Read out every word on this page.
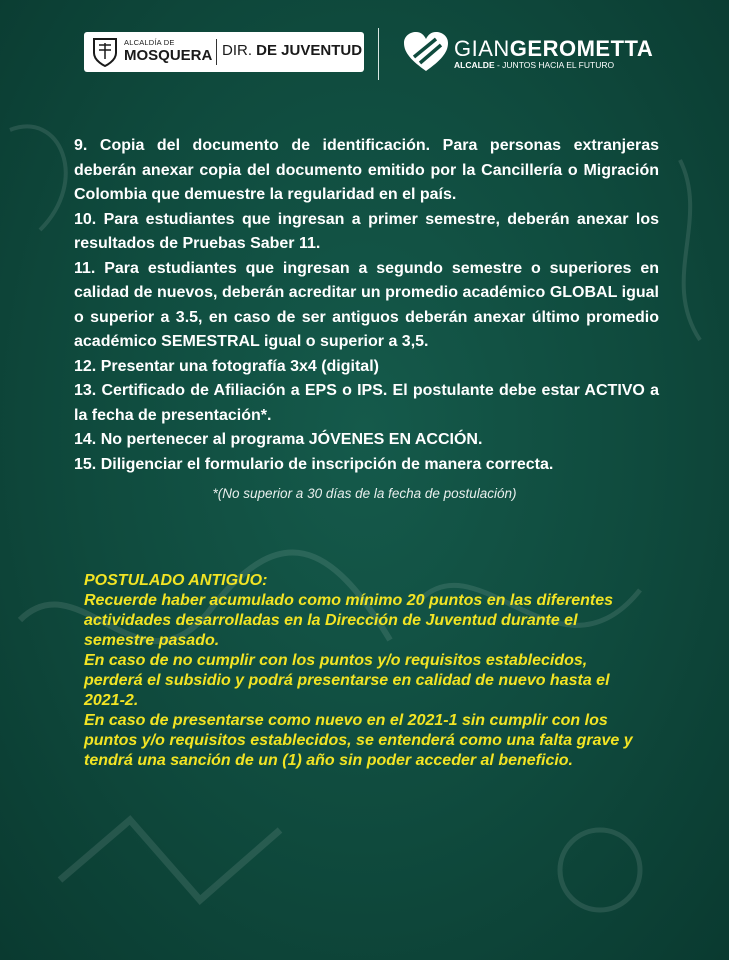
ALCALDÍA DE
MOSQUERA DIR. DE JUVENTUD	GIANGEROMETTA
ALCALDE - JUNTOS HACIA EL FUTURO

9. Copia del documento de identificación. Para personas extranjeras deberán anexar copia del documento emitido por la Cancillería o Migración Colombia que demuestre la regularidad en el país.

10. Para estudiantes que ingresan a primer semestre, deberán anexar los resultados de Pruebas Saber 11.

11. Para estudiantes que ingresan a segundo semestre o superiores en calidad de nuevos, deberán acreditar un promedio académico GLOBAL igual o superior a 3.5, en caso de ser antiguos deberán anexar último promedio académico SEMESTRAL igual o superior a 3,5.

12. Presentar una fotografía 3x4 (digital)

13. Certificado de Afiliación a EPS o IPS. El postulante debe estar ACTIVO a la fecha de presentación*.

14. No pertenecer al programa JÓVENES EN ACCIÓN.

15. Diligenciar el formulario de inscripción de manera correcta.

*(No superior a 30 días de la fecha de postulación)

POSTULADO ANTIGUO:

Recuerde haber acumulado como mínimo 20 puntos en las diferentes actividades desarrolladas en la Dirección de Juventud durante el semestre pasado.

En caso de no cumplir con los puntos y/o requisitos establecidos, perderá el subsidio y podrá presentarse en calidad de nuevo hasta el 2021-2.

En caso de presentarse como nuevo en el 2021-1 sin cumplir con los puntos y/o requisitos establecidos, se entenderá como una falta grave y tendrá una sanción de un (1) año sin poder acceder al beneficio.
